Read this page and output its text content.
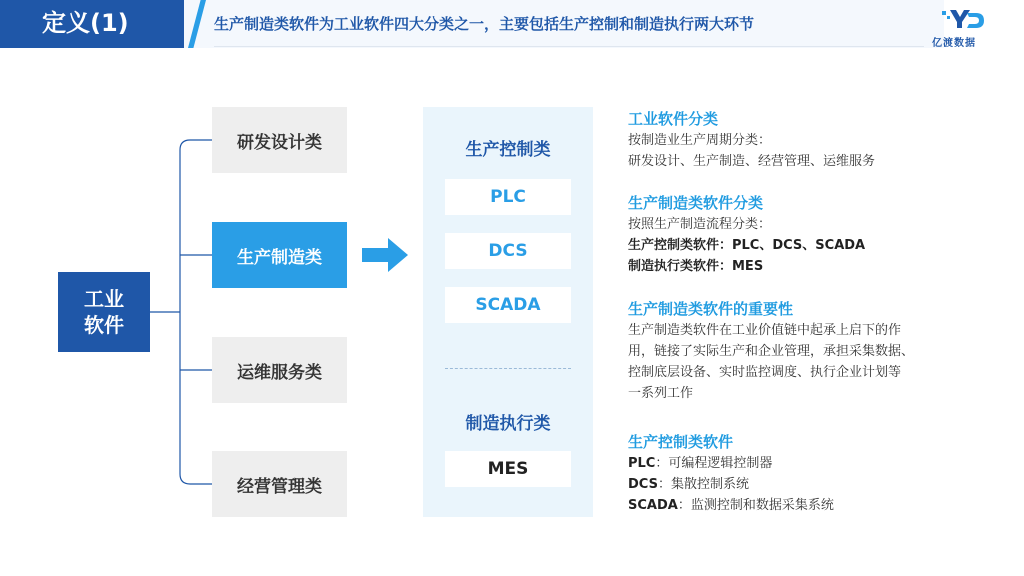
定义(1)	生产制造类软件为工业软件四大分类之一，主要包括生产控制和制造执行两大环节
亿渡数据
工业
软件
研发设计类
生产制造类
运维服务类
经营管理类
生产控制类
PLC
DCS
SCADA
制造执行类
MES
工业软件分类

按制造业生产周期分类：

研发设计、生产制造、经营管理、运维服务

生产制造类软件分类

按照生产制造流程分类：

生产控制类软件：PLC、DCS、SCADA

制造执行类软件：MES

生产制造类软件的重要性

生产制造类软件在工业价值链中起承上启下的作

用，链接了实际生产和企业管理，承担采集数据、

控制底层设备、实时监控调度、执行企业计划等

一系列工作

生产控制类软件

PLC：可编程逻辑控制器

DCS：集散控制系统

SCADA：监测控制和数据采集系统
